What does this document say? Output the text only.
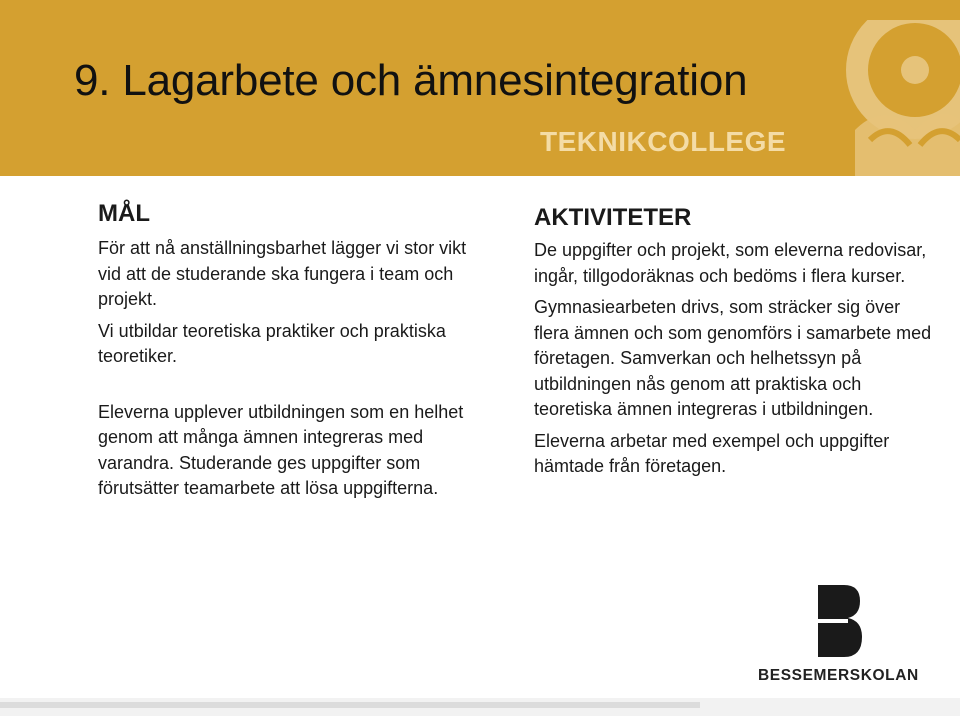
9. Lagarbete och ämnesintegration
TEKNIKCOLLEGE
MÅL

För att nå anställningsbarhet lägger vi stor vikt vid att de studerande ska fungera i team och projekt.

Vi utbildar teoretiska praktiker och praktiska teoretiker.

Eleverna upplever utbildningen som en helhet genom att många ämnen integreras med varandra. Studerande ges uppgifter som förutsätter teamarbete att lösa uppgifterna.

AKTIVITETER

De uppgifter och projekt, som eleverna redovisar, ingår, tillgodoräknas och bedöms i flera kurser.

Gymnasiearbeten drivs, som sträcker sig över flera ämnen och som genomförs i samarbete med företagen. Samverkan och helhetssyn på utbildningen nås genom att praktiska och teoretiska ämnen integreras i utbildningen.

Eleverna arbetar med exempel och uppgifter hämtade från företagen.

BESSEMERSKOLAN
